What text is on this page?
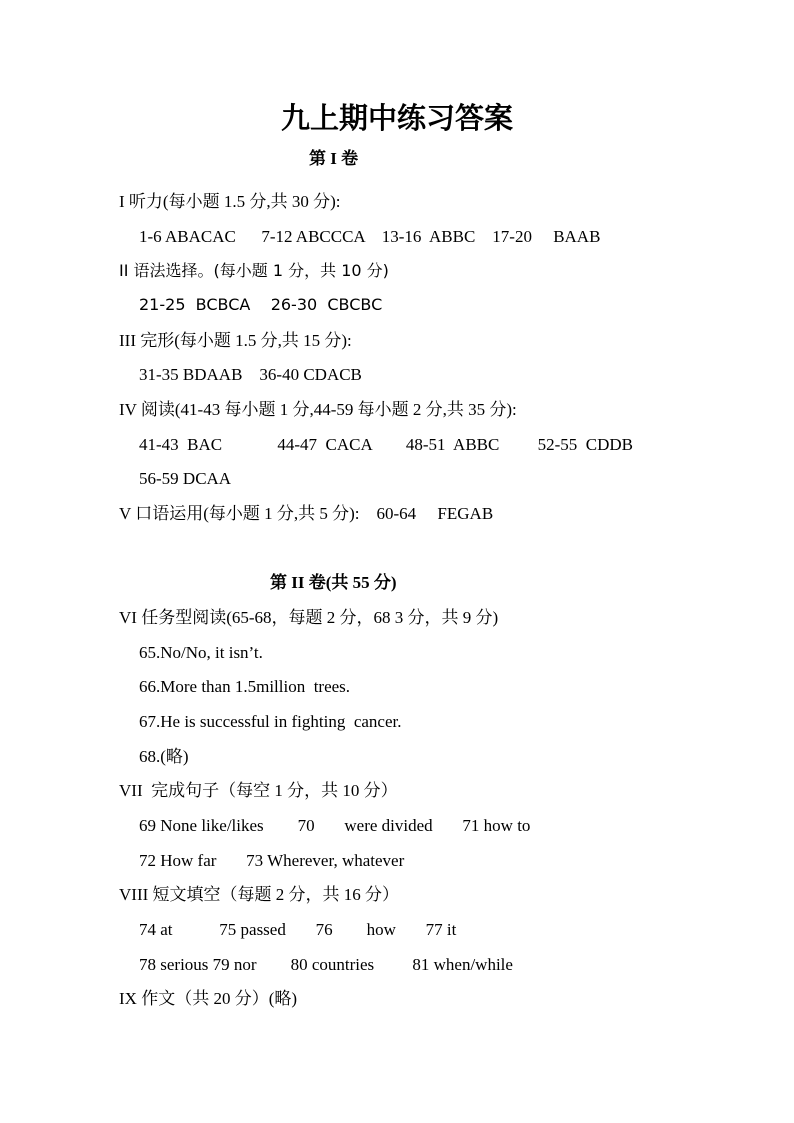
九上期中练习答案
第 I 卷
I 听力(每小题 1.5 分,共 30 分):
1-6 ABACAC      7-12 ABCCCA    13-16  ABBC    17-20     BAAB
II 语法选择。(每小题 1 分，共 10 分)
21-25  BCBCA    26-30  CBCBC
III 完形(每小题 1.5 分,共 15 分):
31-35 BDAAB    36-40 CDACB
IV 阅读(41-43 每小题 1 分,44-59 每小题 2 分,共 35 分):
41-43  BAC             44-47  CACA        48-51  ABBC         52-55  CDDB
56-59 DCAA
V 口语运用(每小题 1 分,共 5 分):    60-64     FEGAB
第 II 卷(共 55 分)
VI 任务型阅读(65-68，每题 2 分，68 3 分，共 9 分)
65.No/No, it isn’t.
66.More than 1.5million  trees.
67.He is successful in fighting  cancer.
68.(略)
VII  完成句子（每空 1 分，共 10 分）
69 None like/likes        70       were divided       71 how to
72 How far       73 Wherever, whatever
VIII 短文填空（每题 2 分，共 16 分）
74 at           75 passed       76        how       77 it
78 serious 79 nor        80 countries         81 when/while
IX 作文（共 20 分）(略)
